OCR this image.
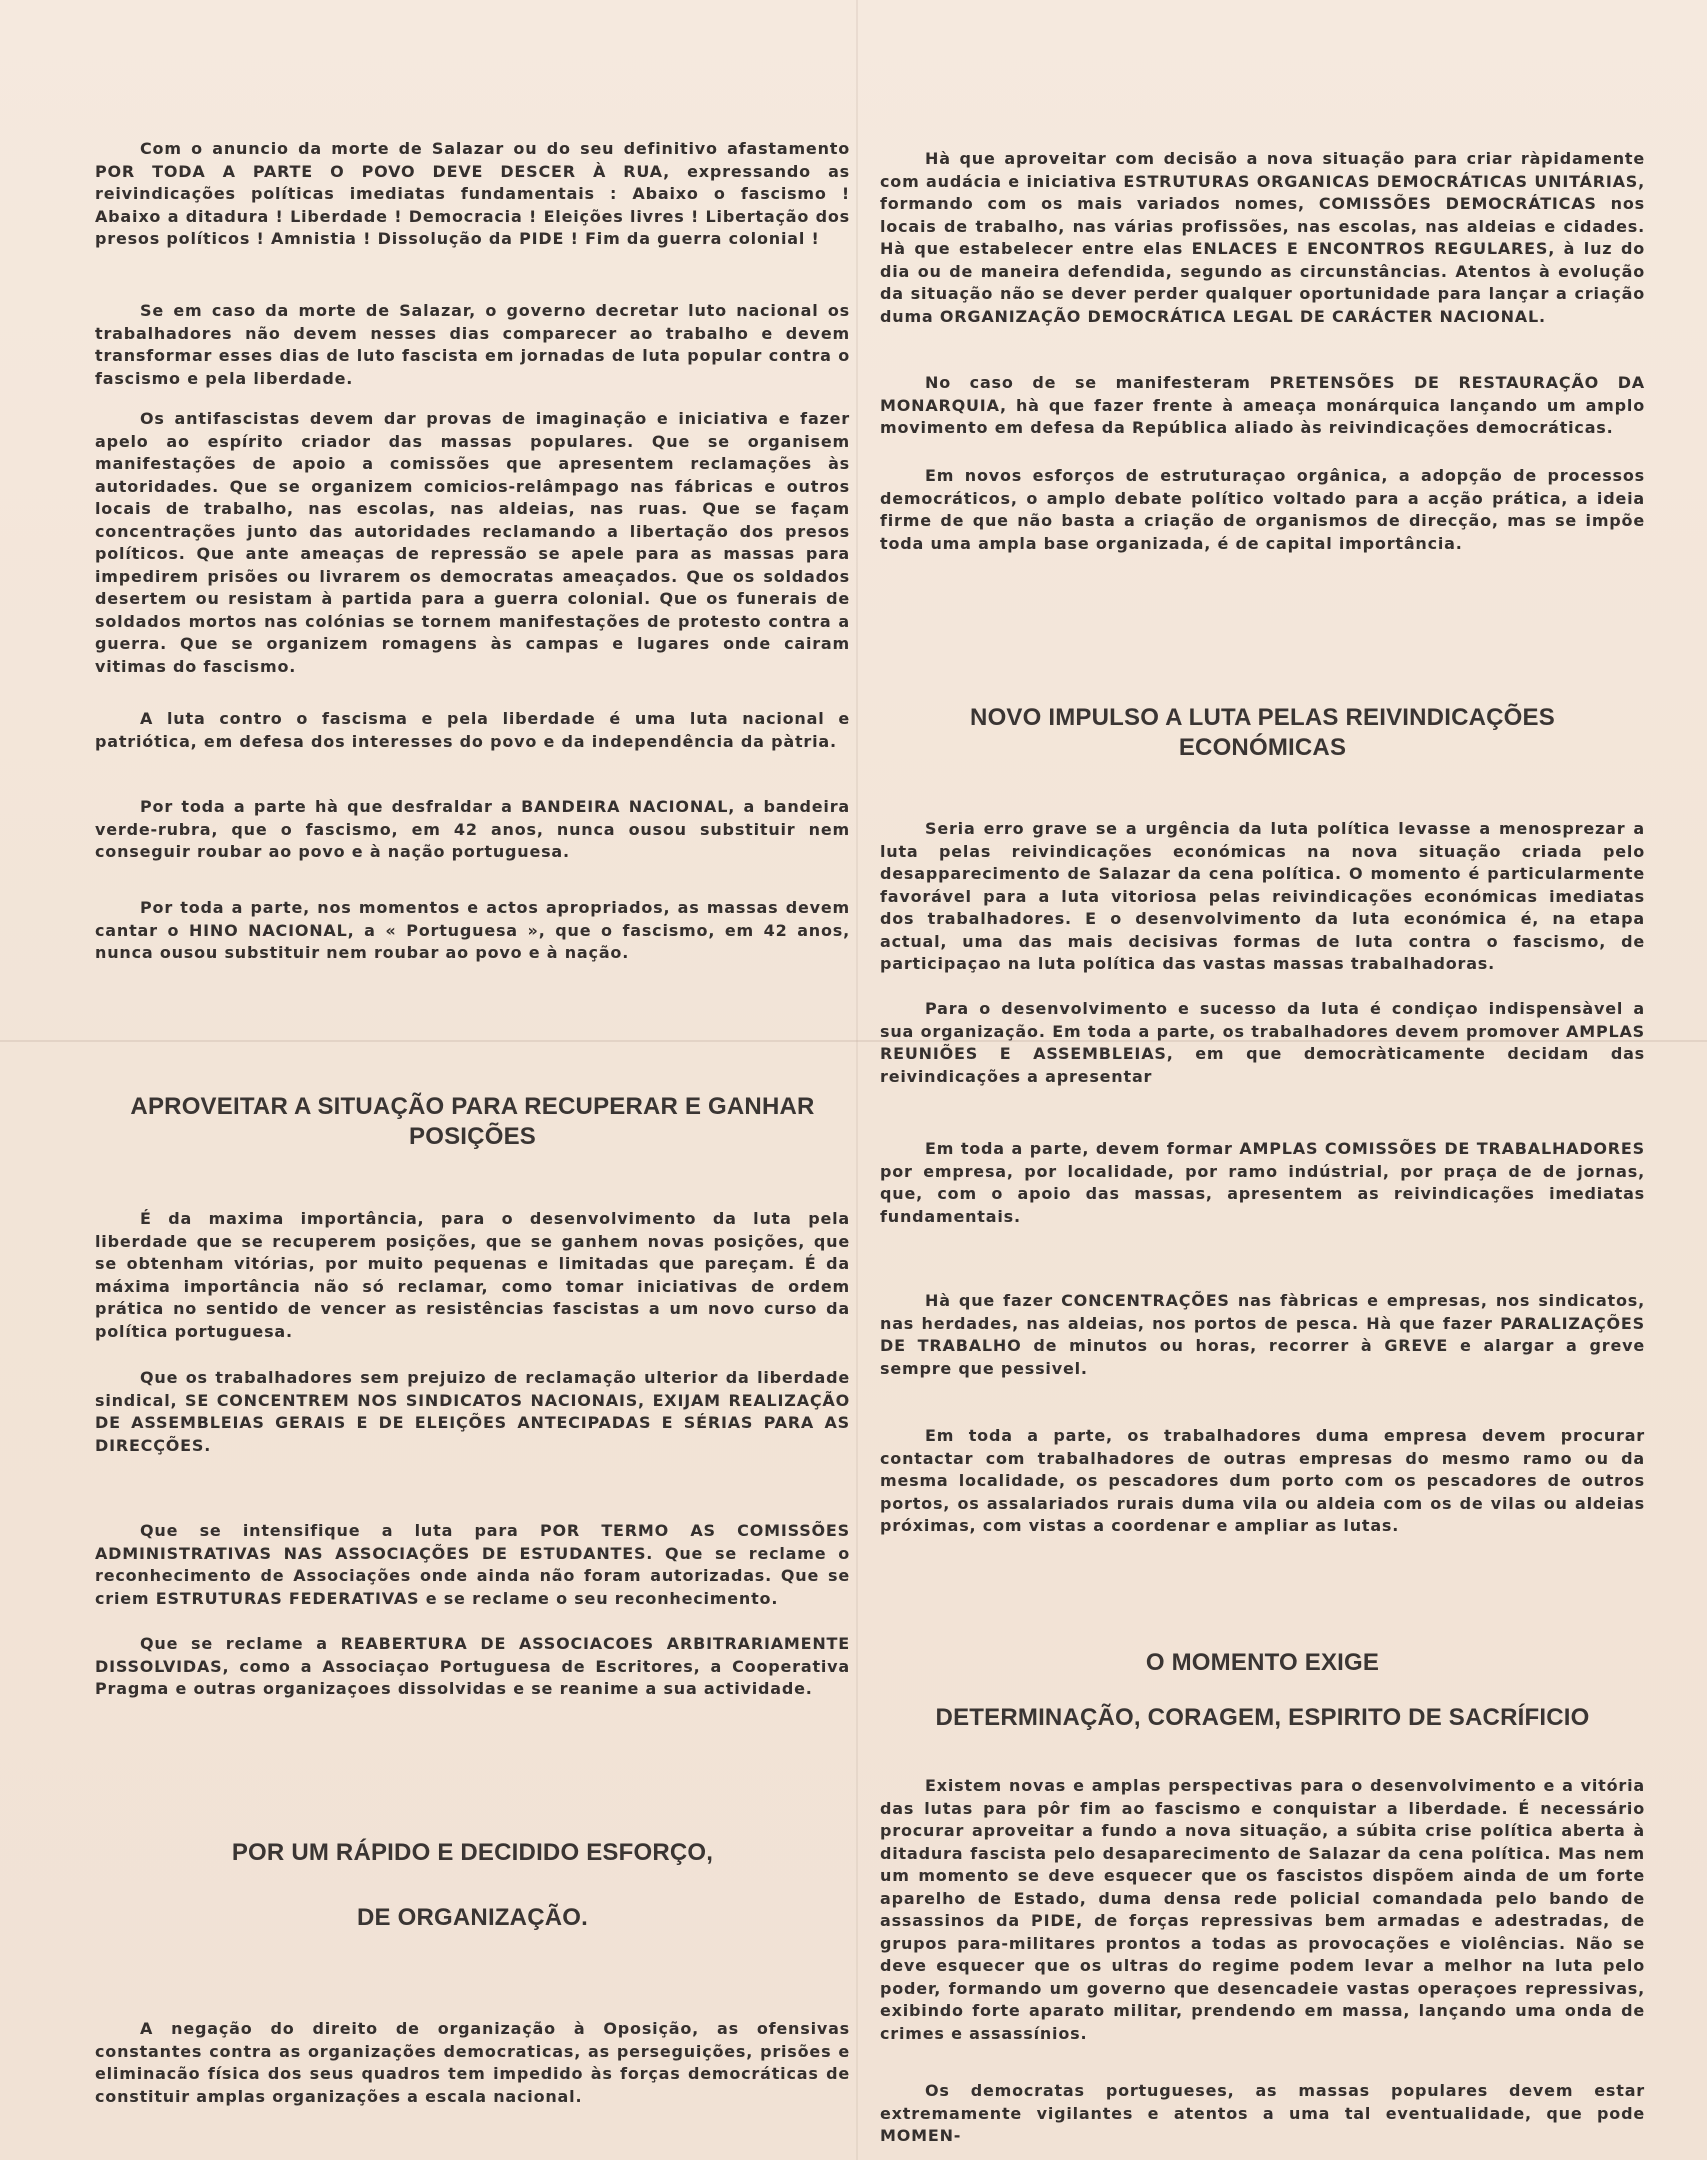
Com o anuncio da morte de Salazar ou do seu definitivo afastamento POR TODA A PARTE O POVO DEVE DESCER À RUA, expressando as reivindicações políticas imediatas fundamentais : Abaixo o fascismo ! Abaixo a ditadura ! Liberdade ! Democracia ! Eleições livres ! Libertação dos presos políticos ! Amnistia ! Dissolução da PIDE ! Fim da guerra colonial !

Se em caso da morte de Salazar, o governo decretar luto nacional os trabalhadores não devem nesses dias comparecer ao trabalho e devem transformar esses dias de luto fascista em jornadas de luta popular contra o fascismo e pela liberdade.

Os antifascistas devem dar provas de imaginação e iniciativa e fazer apelo ao espírito criador das massas populares. Que se organisem manifestações de apoio a comissões que apresentem reclamações às autoridades. Que se organizem comicios-relâmpago nas fábricas e outros locais de trabalho, nas escolas, nas aldeias, nas ruas. Que se façam concentrações junto das autoridades reclamando a libertação dos presos políticos. Que ante ameaças de repressão se apele para as massas para impedirem prisões ou livrarem os democratas ameaçados. Que os soldados desertem ou resistam à partida para a guerra colonial. Que os funerais de soldados mortos nas colónias se tornem manifestações de protesto contra a guerra. Que se organizem romagens às campas e lugares onde cairam vitimas do fascismo.

A luta contro o fascisma e pela liberdade é uma luta nacional e patriótica, em defesa dos interesses do povo e da independência da pàtria.

Por toda a parte hà que desfraldar a BANDEIRA NACIONAL, a bandeira verde-rubra, que o fascismo, em 42 anos, nunca ousou substituir nem conseguir roubar ao povo e à nação portuguesa.

Por toda a parte, nos momentos e actos apropriados, as massas devem cantar o HINO NACIONAL, a « Portuguesa », que o fascismo, em 42 anos, nunca ousou substituir nem roubar ao povo e à nação.

APROVEITAR A SITUAÇÃO PARA RECUPERAR E GANHAR POSIÇÕES

É da maxima importância, para o desenvolvimento da luta pela liberdade que se recuperem posições, que se ganhem novas posições, que se obtenham vitórias, por muito pequenas e limitadas que pareçam. É da máxima importância não só reclamar, como tomar iniciativas de ordem prática no sentido de vencer as resistências fascistas a um novo curso da política portuguesa.

Que os trabalhadores sem prejuizo de reclamação ulterior da liberdade sindical, SE CONCENTREM NOS SINDICATOS NACIONAIS, EXIJAM REALIZAÇÃO DE ASSEMBLEIAS GERAIS E DE ELEIÇÕES ANTECIPADAS E SÉRIAS PARA AS DIRECÇÕES.

Que se intensifique a luta para POR TERMO AS COMISSÕES ADMINISTRATIVAS NAS ASSOCIAÇÕES DE ESTUDANTES. Que se reclame o reconhecimento de Associações onde ainda não foram autorizadas. Que se criem ESTRUTURAS FEDERATIVAS e se reclame o seu reconhecimento.

Que se reclame a REABERTURA DE ASSOCIACOES ARBITRARIAMENTE DISSOLVIDAS, como a Associaçao Portuguesa de Escritores, a Cooperativa Pragma e outras organizaçoes dissolvidas e se reanime a sua actividade.

POR UM RÁPIDO E DECIDIDO ESFORÇO,
DE ORGANIZAÇÃO.

A negação do direito de organização à Oposição, as ofensivas constantes contra as organizações democraticas, as perseguições, prisões e eliminacão física dos seus quadros tem impedido às forças democráticas de constituir amplas organizações a escala nacional.

Hà que aproveitar com decisão a nova situação para criar ràpidamente com audácia e iniciativa ESTRUTURAS ORGANICAS DEMOCRÁTICAS UNITÁRIAS, formando com os mais variados nomes, COMISSÕES DEMOCRÁTICAS nos locais de trabalho, nas várias profissões, nas escolas, nas aldeias e cidades. Hà que estabelecer entre elas ENLACES E ENCONTROS REGULARES, à luz do dia ou de maneira defendida, segundo as circunstâncias. Atentos à evolução da situação não se dever perder qualquer oportunidade para lançar a criação duma ORGANIZAÇÃO DEMOCRÁTICA LEGAL DE CARÁCTER NACIONAL.

No caso de se manifesteram PRETENSÕES DE RESTAURAÇÃO DA MONARQUIA, hà que fazer frente à ameaça monárquica lançando um amplo movimento em defesa da República aliado às reivindicações democráticas.

Em novos esforços de estruturaçao orgânica, a adopção de processos democráticos, o amplo debate político voltado para a acção prática, a ideia firme de que não basta a criação de organismos de direcção, mas se impõe toda uma ampla base organizada, é de capital importância.

NOVO IMPULSO A LUTA PELAS REIVINDICAÇÕES ECONÓMICAS

Seria erro grave se a urgência da luta política levasse a menosprezar a luta pelas reivindicações económicas na nova situação criada pelo desapparecimento de Salazar da cena política. O momento é particularmente favorável para a luta vitoriosa pelas reivindicações económicas imediatas dos trabalhadores. E o desenvolvimento da luta económica é, na etapa actual, uma das mais decisivas formas de luta contra o fascismo, de participaçao na luta política das vastas massas trabalhadoras.

Para o desenvolvimento e sucesso da luta é condiçao indispensàvel a sua organização. Em toda a parte, os trabalhadores devem promover AMPLAS REUNIÕES E ASSEMBLEIAS, em que democràticamente decidam das reivindicações a apresentar

Em toda a parte, devem formar AMPLAS COMISSÕES DE TRABALHADORES por empresa, por localidade, por ramo indústrial, por praça de de jornas, que, com o apoio das massas, apresentem as reivindicações imediatas fundamentais.

Hà que fazer CONCENTRAÇÕES nas fàbricas e empresas, nos sindicatos, nas herdades, nas aldeias, nos portos de pesca. Hà que fazer PARALIZAÇÕES DE TRABALHO de minutos ou horas, recorrer à GREVE e alargar a greve sempre que pessivel.

Em toda a parte, os trabalhadores duma empresa devem procurar contactar com trabalhadores de outras empresas do mesmo ramo ou da mesma localidade, os pescadores dum porto com os pescadores de outros portos, os assalariados rurais duma vila ou aldeia com os de vilas ou aldeias próximas, com vistas a coordenar e ampliar as lutas.

O MOMENTO EXIGE
DETERMINAÇÃO, CORAGEM, ESPIRITO DE SACRÍFICIO

Existem novas e amplas perspectivas para o desenvolvimento e a vitória das lutas para pôr fim ao fascismo e conquistar a liberdade. É necessário procurar aproveitar a fundo a nova situação, a súbita crise política aberta à ditadura fascista pelo desaparecimento de Salazar da cena política. Mas nem um momento se deve esquecer que os fascistos dispõem ainda de um forte aparelho de Estado, duma densa rede policial comandada pelo bando de assassinos da PIDE, de forças repressivas bem armadas e adestradas, de grupos para-militares prontos a todas as provocações e violências. Não se deve esquecer que os ultras do regime podem levar a melhor na luta pelo poder, formando um governo que desencadeie vastas operaçoes repressivas, exibindo forte aparato militar, prendendo em massa, lançando uma onda de crimes e assassínios.

Os democratas portugueses, as massas populares devem estar extremamente vigilantes e atentos a uma tal eventualidade, que pode MOMEN-
